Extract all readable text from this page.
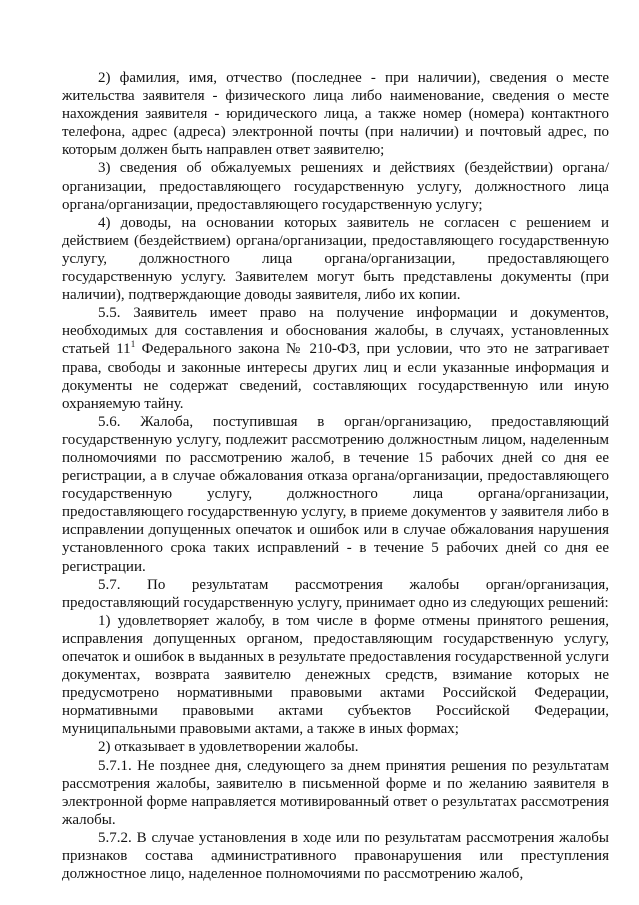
2) фамилия, имя, отчество (последнее - при наличии), сведения о месте жительства заявителя - физического лица либо наименование, сведения о месте нахождения заявителя - юридического лица, а также номер (номера) контактного телефона, адрес (адреса) электронной почты (при наличии) и почтовый адрес, по которым должен быть направлен ответ заявителю;

3) сведения об обжалуемых решениях и действиях (бездействии) органа/организации, предоставляющего государственную услугу, должностного лица органа/организации, предоставляющего государственную услугу;

4) доводы, на основании которых заявитель не согласен с решением и действием (бездействием) органа/организации, предоставляющего государственную услугу, должностного лица органа/организации, предоставляющего государственную услугу. Заявителем могут быть представлены документы (при наличии), подтверждающие доводы заявителя, либо их копии.

5.5. Заявитель имеет право на получение информации и документов, необходимых для составления и обоснования жалобы, в случаях, установленных статьей $11^1$ Федерального закона № 210-ФЗ, при условии, что это не затрагивает права, свободы и законные интересы других лиц и если указанные информация и документы не содержат сведений, составляющих государственную или иную охраняемую тайну.

5.6. Жалоба, поступившая в орган/организацию, предоставляющий государственную услугу, подлежит рассмотрению должностным лицом, наделенным полномочиями по рассмотрению жалоб, в течение 15 рабочих дней со дня ее регистрации, а в случае обжалования отказа органа/организации, предоставляющего государственную услугу, должностного лица органа/организации, предоставляющего государственную услугу, в приеме документов у заявителя либо в исправлении допущенных опечаток и ошибок или в случае обжалования нарушения установленного срока таких исправлений - в течение 5 рабочих дней со дня ее регистрации.

5.7. По результатам рассмотрения жалобы орган/организация, предоставляющий государственную услугу, принимает одно из следующих решений:

1) удовлетворяет жалобу, в том числе в форме отмены принятого решения, исправления допущенных органом, предоставляющим государственную услугу, опечаток и ошибок в выданных в результате предоставления государственной услуги документах, возврата заявителю денежных средств, взимание которых не предусмотрено нормативными правовыми актами Российской Федерации, нормативными правовыми актами субъектов Российской Федерации, муниципальными правовыми актами, а также в иных формах;

2) отказывает в удовлетворении жалобы.

5.7.1. Не позднее дня, следующего за днем принятия решения по результатам рассмотрения жалобы, заявителю в письменной форме и по желанию заявителя в электронной форме направляется мотивированный ответ о результатах рассмотрения жалобы.

5.7.2. В случае установления в ходе или по результатам рассмотрения жалобы признаков состава административного правонарушения или преступления должностное лицо, наделенное полномочиями по рассмотрению жалоб,
